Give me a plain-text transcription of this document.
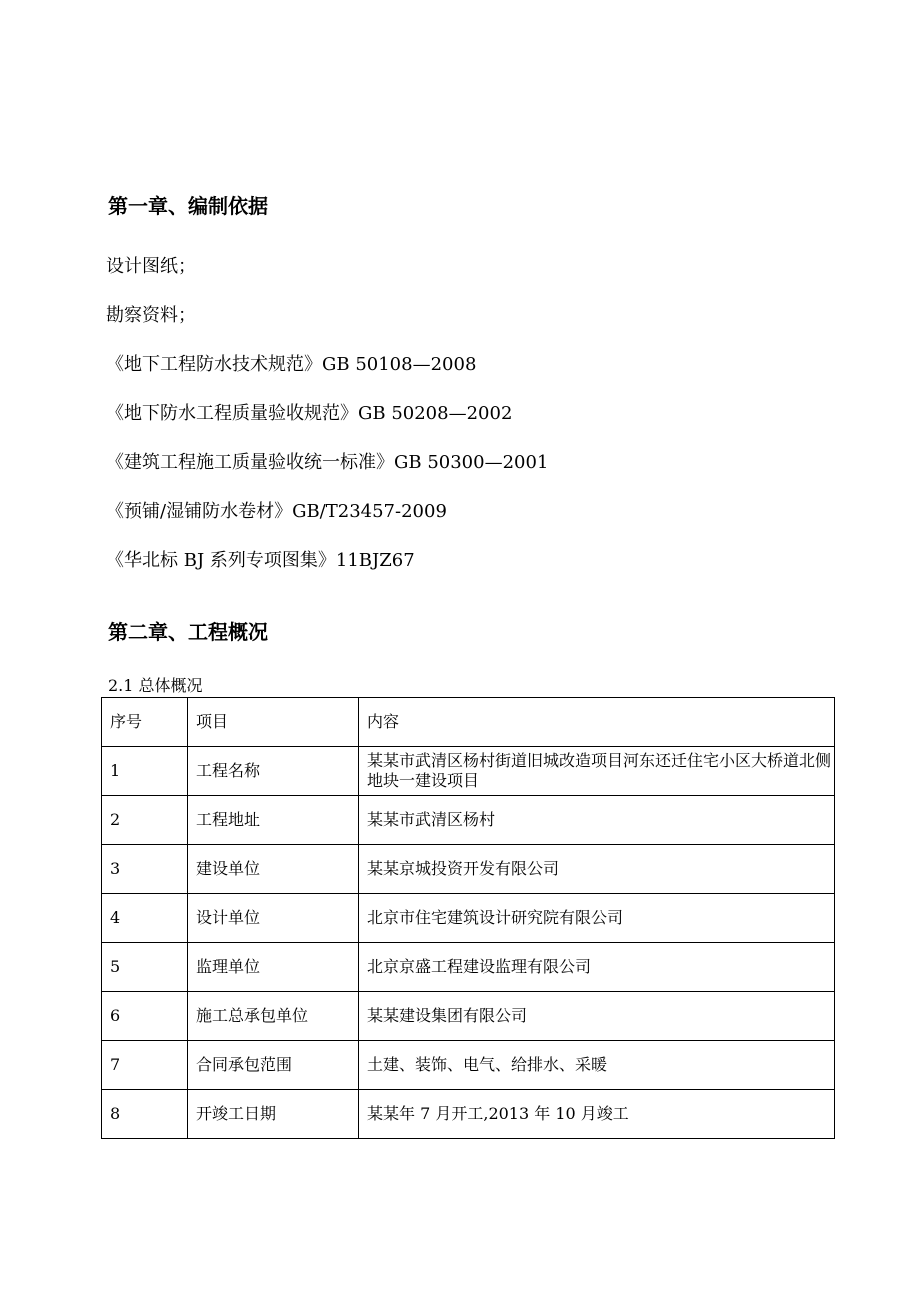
第一章、编制依据
设计图纸；
勘察资料；
《地下工程防水技术规范》GB 50108—2008
《地下防水工程质量验收规范》GB 50208—2002
《建筑工程施工质量验收统一标准》GB 50300—2001
《预铺/湿铺防水卷材》GB/T23457-2009
《华北标 BJ 系列专项图集》11BJZ67
第二章、工程概况
2.1 总体概况
序号	项目	内容
1	工程名称	某某市武清区杨村街道旧城改造项目河东还迁住宅小区大桥道北侧地块一建设项目
2	工程地址	某某市武清区杨村
3	建设单位	某某京城投资开发有限公司
4	设计单位	北京市住宅建筑设计研究院有限公司
5	监理单位	北京京盛工程建设监理有限公司
6	施工总承包单位	某某建设集团有限公司
7	合同承包范围	土建、装饰、电气、给排水、采暖
8	开竣工日期	某某年 7 月开工,2013 年 10 月竣工
